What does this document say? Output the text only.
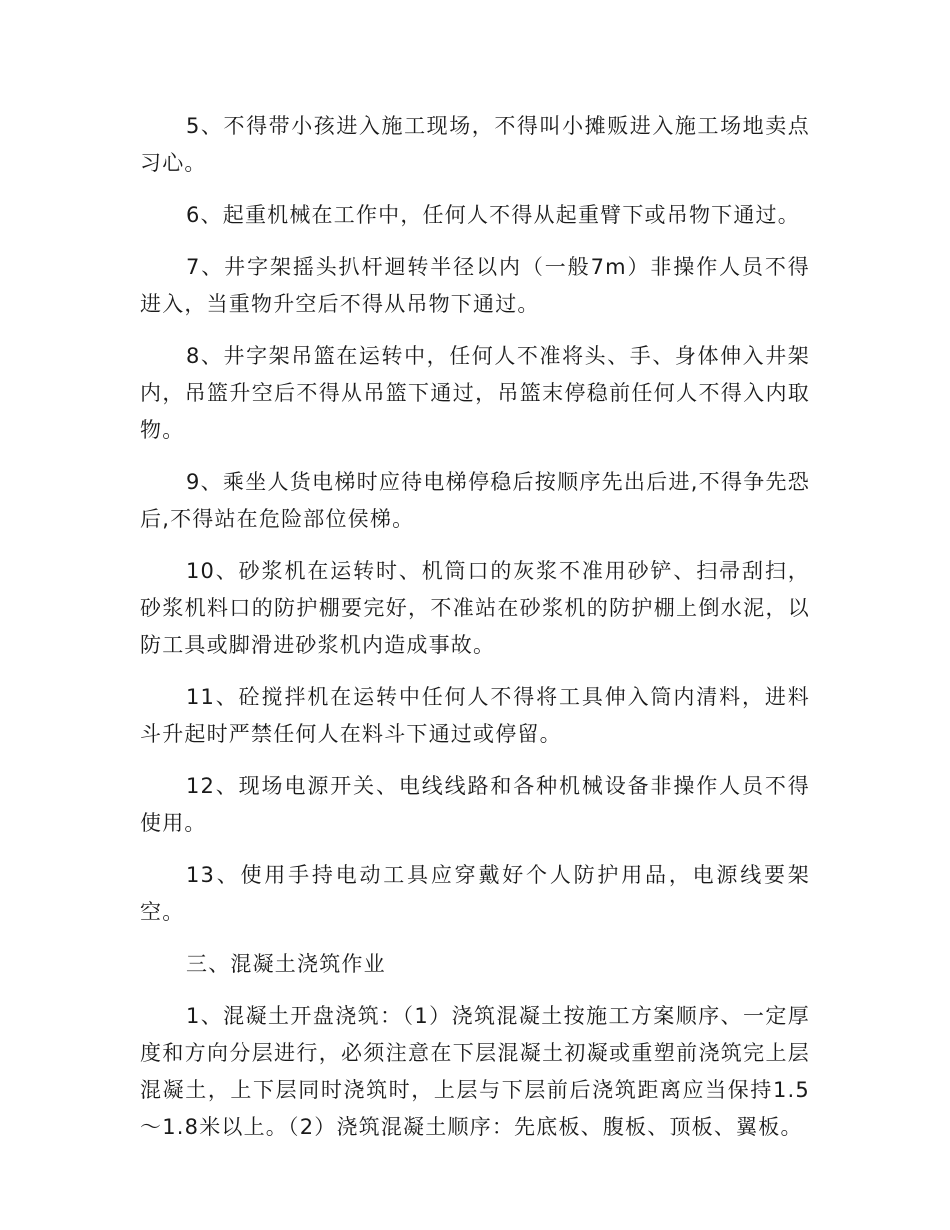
5、不得带小孩进入施工现场，不得叫小摊贩进入施工场地卖点习心。

6、起重机械在工作中，任何人不得从起重臂下或吊物下通过。

7、井字架摇头扒杆迴转半径以内（一般7m）非操作人员不得进入，当重物升空后不得从吊物下通过。

8、井字架吊篮在运转中，任何人不准将头、手、身体伸入井架内，吊篮升空后不得从吊篮下通过，吊篮末停稳前任何人不得入内取物。

9、乘坐人货电梯时应待电梯停稳后按顺序先出后进,不得争先恐后,不得站在危险部位侯梯。

10、砂浆机在运转时、机筒口的灰浆不准用砂铲、扫帚刮扫，砂浆机料口的防护棚要完好，不准站在砂浆机的防护棚上倒水泥，以防工具或脚滑进砂浆机内造成事故。

11、砼搅拌机在运转中任何人不得将工具伸入筒内清料，进料斗升起时严禁任何人在料斗下通过或停留。

12、现场电源开关、电线线路和各种机械设备非操作人员不得使用。

13、使用手持电动工具应穿戴好个人防护用品，电源线要架空。

三、混凝土浇筑作业

1、混凝土开盘浇筑：（1）浇筑混凝土按施工方案顺序、一定厚度和方向分层进行，必须注意在下层混凝土初凝或重塑前浇筑完上层混凝土，上下层同时浇筑时，上层与下层前后浇筑距离应当保持1.5～1.8米以上。（2）浇筑混凝土顺序：先底板、腹板、顶板、翼板。
